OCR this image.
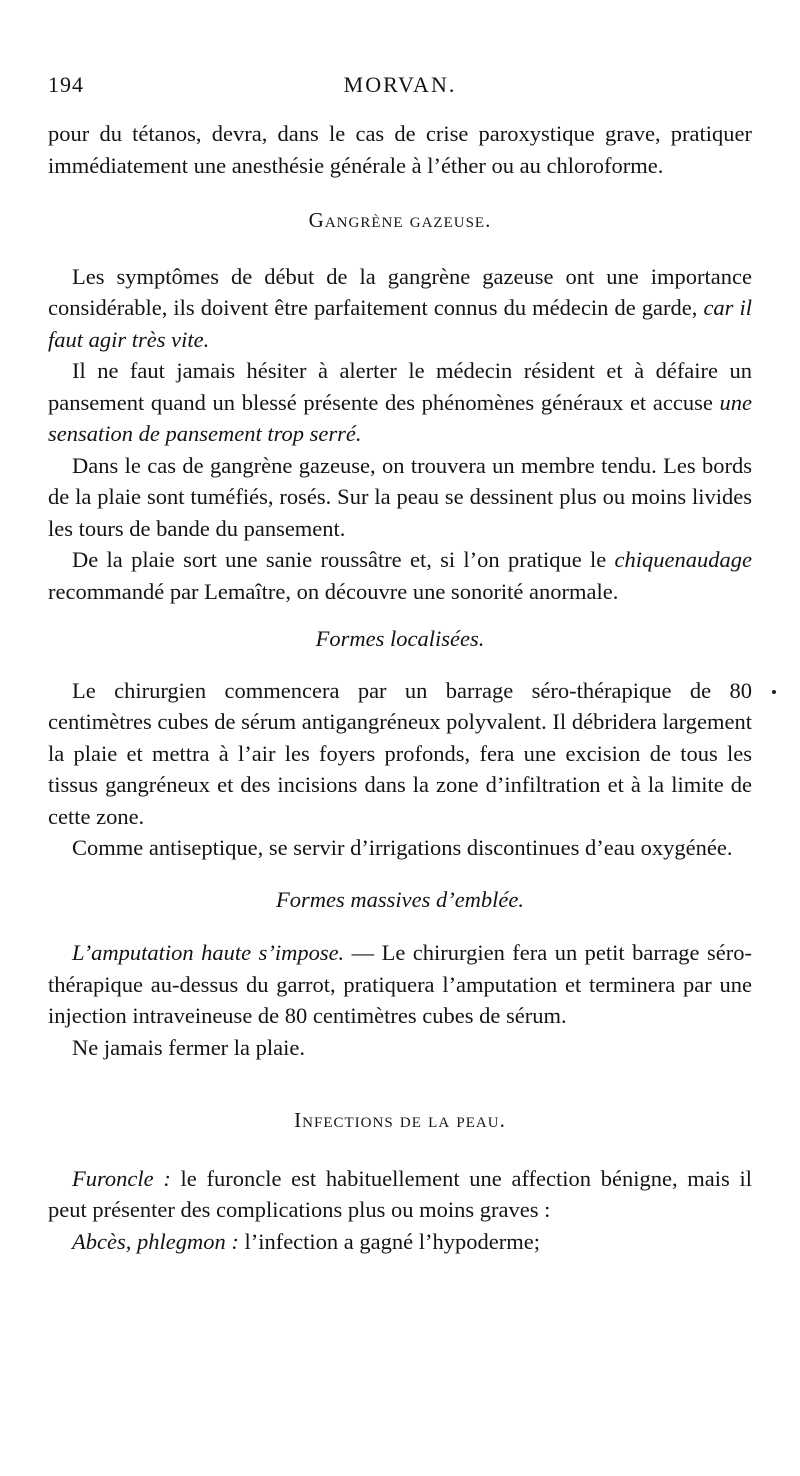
194	MORVAN.

pour du tétanos, devra, dans le cas de crise paroxystique grave, pratiquer immédiatement une anesthésie générale à l’éther ou au chloroforme.

Gangrène gazeuse.

Les symptômes de début de la gangrène gazeuse ont une importance considérable, ils doivent être parfaitement connus du médecin de garde, car il faut agir très vite.

Il ne faut jamais hésiter à alerter le médecin résident et à défaire un pansement quand un blessé présente des phénomènes généraux et accuse une sensation de pansement trop serré.

Dans le cas de gangrène gazeuse, on trouvera un membre tendu. Les bords de la plaie sont tuméfiés, rosés. Sur la peau se dessinent plus ou moins livides les tours de bande du pansement.

De la plaie sort une sanie roussâtre et, si l’on pratique le chiquenaudage recommandé par Lemaître, on découvre une sonorité anormale.

Formes localisées.

Le chirurgien commencera par un barrage séro-thérapique de 80 centimètres cubes de sérum antigangréneux polyvalent. Il débridera largement la plaie et mettra à l’air les foyers profonds, fera une excision de tous les tissus gangréneux et des incisions dans la zone d’infiltration et à la limite de cette zone.

Comme antiseptique, se servir d’irrigations discontinues d’eau oxygénée.

Formes massives d’emblée.

L’amputation haute s’impose. — Le chirurgien fera un petit barrage séro-thérapique au-dessus du garrot, pratiquera l’amputation et terminera par une injection intraveineuse de 80 centimètres cubes de sérum.

Ne jamais fermer la plaie.

Infections de la peau.

Furoncle : le furoncle est habituellement une affection bénigne, mais il peut présenter des complications plus ou moins graves :

Abcès, phlegmon : l’infection a gagné l’hypoderme;
